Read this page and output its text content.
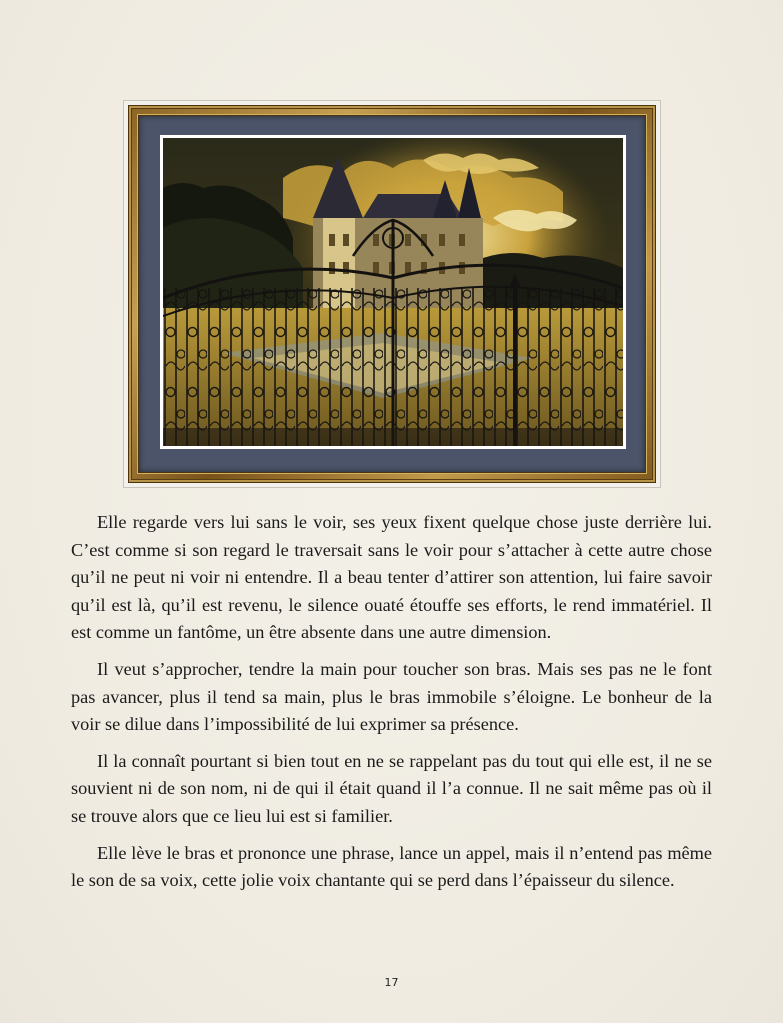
Elle regarde vers lui sans le voir, ses yeux fixent quelque chose juste derrière lui. C’est comme si son regard le traversait sans le voir pour s’attacher à cette autre chose qu’il ne peut ni voir ni entendre. Il a beau tenter d’attirer son attention, lui faire savoir qu’il est là, qu’il est revenu, le silence ouaté étouffe ses efforts, le rend immatériel. Il est comme un fantôme, un être absente dans une autre dimension.

Il veut s’approcher, tendre la main pour toucher son bras. Mais ses pas ne le font pas avancer, plus il tend sa main, plus le bras immobile s’éloigne. Le bonheur de la voir se dilue dans l’impossibilité de lui exprimer sa présence.

Il la connaît pourtant si bien tout en ne se rappelant pas du tout qui elle est, il ne se souvient ni de son nom, ni de qui il était quand il l’a connue. Il ne sait même pas où il se trouve alors que ce lieu lui est si familier.

Elle lève le bras et prononce une phrase, lance un appel, mais il n’entend pas même le son de sa voix, cette jolie voix chantante qui se perd dans l’épaisseur du silence.

17
